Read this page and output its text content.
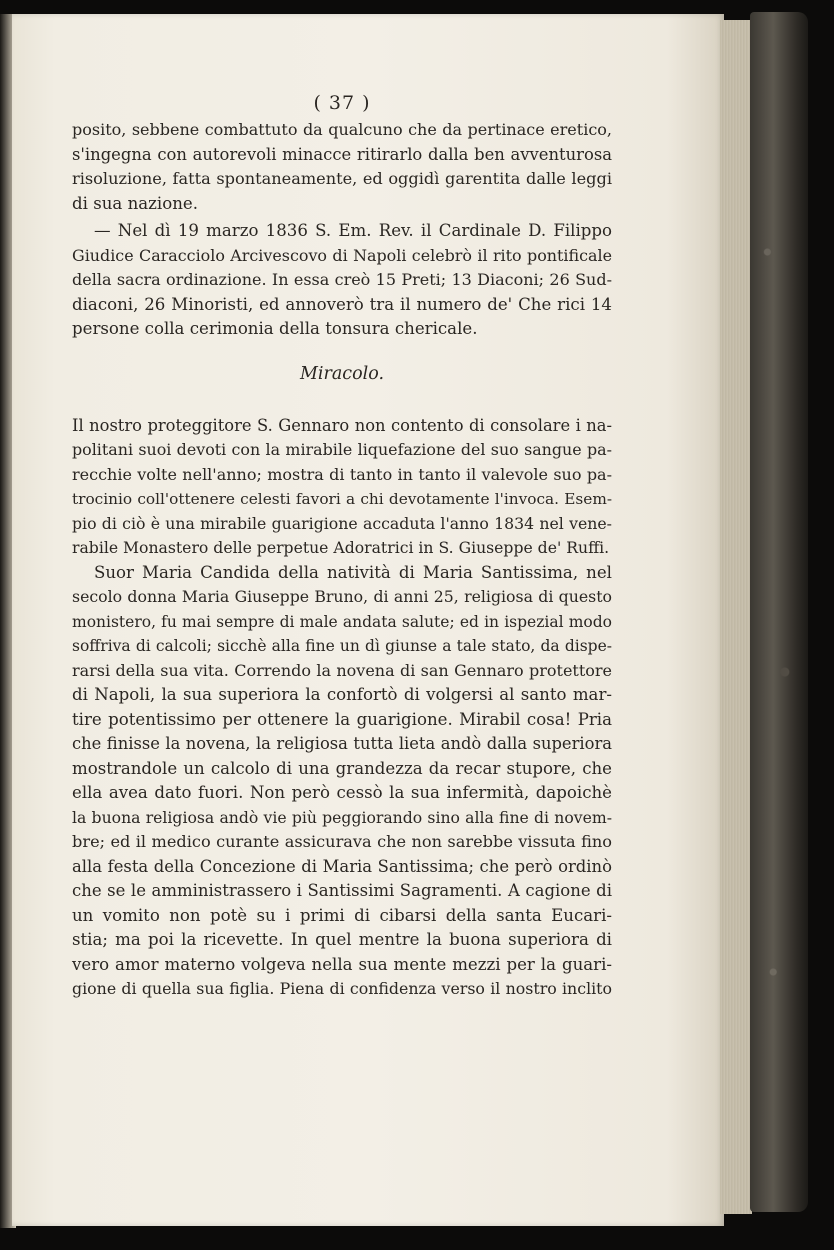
( 37 )
posito, sebbene combattuto da qualcuno che da pertinace eretico,
s'ingegna con autorevoli minacce ritirarlo dalla ben avventurosa
risoluzione, fatta spontaneamente, ed oggidì garentita dalle leggi
di sua nazione.
— Nel dì 19 marzo 1836 S. Em. Rev. il Cardinale D. Filippo
Giudice Caracciolo Arcivescovo di Napoli celebrò il rito pontificale
della sacra ordinazione. In essa creò 15 Preti; 13 Diaconi; 26 Sud-
diaconi, 26 Minoristi, ed annoverò tra il numero de' Che rici 14
persone colla cerimonia della tonsura chericale.
Miracolo.
Il nostro proteggitore S. Gennaro non contento di consolare i na-
politani suoi devoti con la mirabile liquefazione del suo sangue pa-
recchie volte nell'anno; mostra di tanto in tanto il valevole suo pa-
trocinio coll'ottenere celesti favori a chi devotamente l'invoca. Esem-
pio di ciò è una mirabile guarigione accaduta l'anno 1834 nel vene-
rabile Monastero delle perpetue Adoratrici in S. Giuseppe de' Ruffi.
Suor Maria Candida della natività di Maria Santissima, nel
secolo donna Maria Giuseppe Bruno, di anni 25, religiosa di questo
monistero, fu mai sempre di male andata salute; ed in ispezial modo
soffriva di calcoli; sicchè alla fine un dì giunse a tale stato, da dispe-
rarsi della sua vita. Correndo la novena di san Gennaro protettore
di Napoli, la sua superiora la confortò di volgersi al santo mar-
tire potentissimo per ottenere la guarigione. Mirabil cosa! Pria
che finisse la novena, la religiosa tutta lieta andò dalla superiora
mostrandole un calcolo di una grandezza da recar stupore, che
ella avea dato fuori. Non però cessò la sua infermità, dapoichè
la buona religiosa andò vie più peggiorando sino alla fine di novem-
bre; ed il medico curante assicurava che non sarebbe vissuta fino
alla festa della Concezione di Maria Santissima; che però ordinò
che se le amministrassero i Santissimi Sagramenti. A cagione di
un vomito non potè su i primi di cibarsi della santa Eucari-
stia; ma poi la ricevette. In quel mentre la buona superiora di
vero amor materno volgeva nella sua mente mezzi per la guari-
gione di quella sua figlia. Piena di confidenza verso il nostro inclito
